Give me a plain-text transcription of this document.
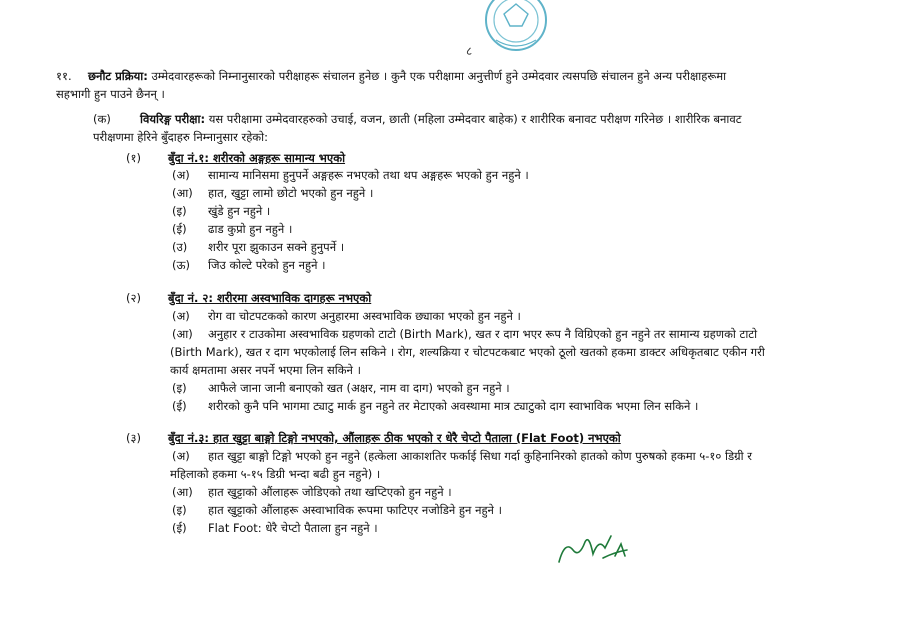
८
११. छनौट प्रक्रिया: उम्मेदवारहरूको निम्नानुसारको परीक्षाहरू संचालन हुनेछ । कुनै एक परीक्षामा अनुत्तीर्ण हुने उम्मेदवार त्यसपछि संचालन हुने अन्य परीक्षाहरूमा
सहभागी हुन पाउने छैनन् ।
(क)	वियरिङ्ग परीक्षा: यस परीक्षामा उम्मेदवारहरुको उचाई, वजन, छाती (महिला उम्मेदवार बाहेक) र शारीरिक बनावट परीक्षण गरिनेछ । शारीरिक बनावट
परीक्षणमा हेरिने बुँदाहरु निम्नानुसार रहेको:
(१) बुँदा नं.१: शरीरको अङ्गहरू सामान्य भएको
(अ) सामान्य मानिसमा हुनुपर्ने अङ्गहरू नभएको तथा थप अङ्गहरू भएको हुन नहुने ।
(आ) हात, खुट्टा लामो छोटो भएको हुन नहुने ।
(इ) खुंडे हुन नहुने ।
(ई) ढाड कुप्रो हुन नहुने ।
(उ) शरीर पूरा झुकाउन सक्ने हुनुपर्ने ।
(ऊ) जिउ कोल्टे परेको हुन नहुने ।
(२) बुँदा नं. २: शरीरमा अस्वभाविक दागहरू नभएको
(अ) रोग वा चोटपटकको कारण अनुहारमा अस्वभाविक छ्याका भएको हुन नहुने ।
(आ) अनुहार र टाउकोमा अस्वभाविक ग्रहणको टाटो (Birth Mark), खत र दाग भएर रूप नै विग्रिएको हुन नहुने तर सामान्य ग्रहणको टाटो
(Birth Mark), खत र दाग भएकोलाई लिन सकिने । रोग, शल्यक्रिया र चोटपटकबाट भएको ठूलो खतको हकमा डाक्टर अधिकृतबाट एकीन गरी
कार्य क्षमतामा असर नपर्ने भएमा लिन सकिने ।
(इ) आफैले जाना जानी बनाएको खत (अक्षर, नाम वा दाग) भएको हुन नहुने ।
(ई) शरीरको कुनै पनि भागमा ट्याटु मार्क हुन नहुने तर मेटाएको अवस्थामा मात्र ट्याटुको दाग स्वाभाविक भएमा लिन सकिने ।
(३) बुँदा नं.३: हात खुट्टा बाङ्गो टिङ्गो नभएको, औंलाहरू ठीक भएको र धेरै चेप्टो पैताला (Flat Foot) नभएको
(अ) हात खुट्टा बाङ्गो टिङ्गो भएको हुन नहुने (हत्केला आकाशतिर फर्काई सिधा गर्दा कुहिनानिरको हातको कोण पुरुषको हकमा ५-१० डिग्री र
महिलाको हकमा ५-१५ डिग्री भन्दा बढी हुन नहुने) ।
(आ) हात खुट्टाको औंलाहरू जोडिएको तथा खप्टिएको हुन नहुने ।
(इ) हात खुट्टाको औंलाहरू अस्वाभाविक रूपमा फाटिएर नजोडिने हुन नहुने ।
(ई) Flat Foot: धेरै चेप्टो पैताला हुन नहुने ।
